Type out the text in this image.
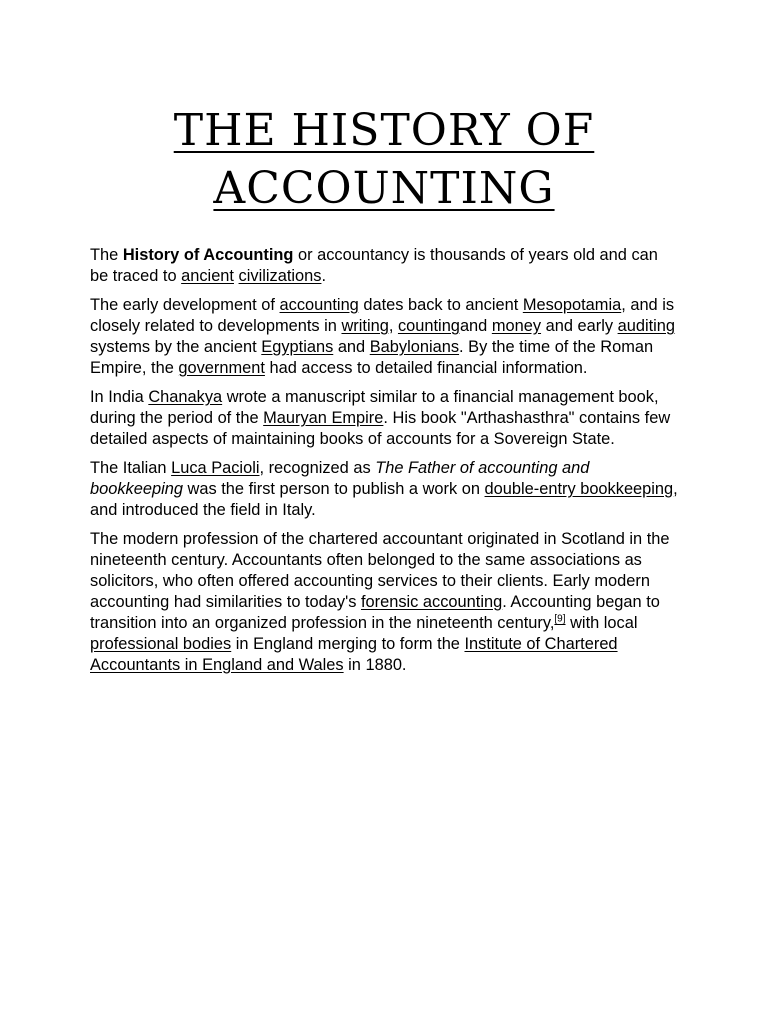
THE HISTORY OF
ACCOUNTING

The History of Accounting or accountancy is thousands of years old and can be traced to ancient civilizations.

The early development of accounting dates back to ancient Mesopotamia, and is closely related to developments in writing, countingand money and early auditing systems by the ancient Egyptians and Babylonians. By the time of the Roman Empire, the government had access to detailed financial information.

In India Chanakya wrote a manuscript similar to a financial management book, during the period of the Mauryan Empire. His book "Arthashasthra" contains few detailed aspects of maintaining books of accounts for a Sovereign State.

The Italian Luca Pacioli, recognized as The Father of accounting and bookkeeping was the first person to publish a work on double-entry bookkeeping, and introduced the field in Italy.

The modern profession of the chartered accountant originated in Scotland in the nineteenth century. Accountants often belonged to the same associations as solicitors, who often offered accounting services to their clients. Early modern accounting had similarities to today's forensic accounting. Accounting began to transition into an organized profession in the nineteenth century,[9] with local professional bodies in England merging to form the Institute of Chartered Accountants in England and Wales in 1880.
